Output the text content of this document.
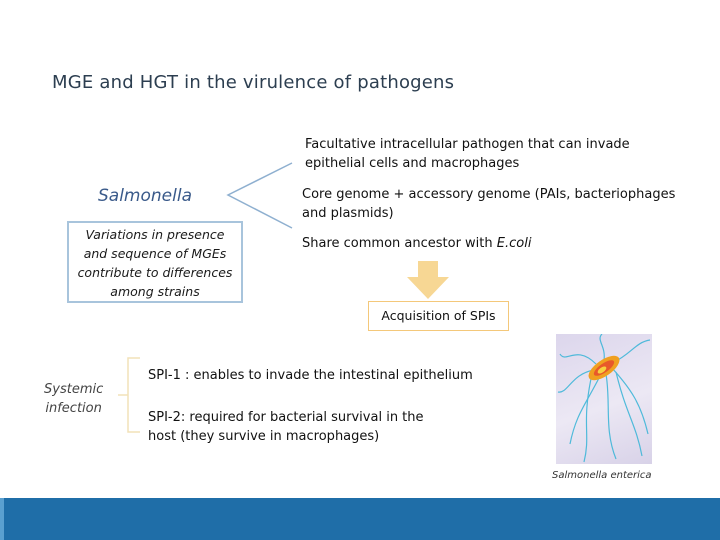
MGE and HGT in the virulence of pathogens
Facultative intracellular pathogen that can invade
epithelial cells and macrophages
Core genome + accessory genome (PAIs, bacteriophages
and plasmids)
Share common ancestor with E.coli
Salmonella
Variations in presence
and sequence of MGEs
contribute to differences
among strains
Acquisition of SPIs
Systemic
infection
SPI-1 : enables to invade the intestinal epithelium
SPI-2: required for bacterial survival in the
host (they survive in macrophages)
Salmonella enterica
